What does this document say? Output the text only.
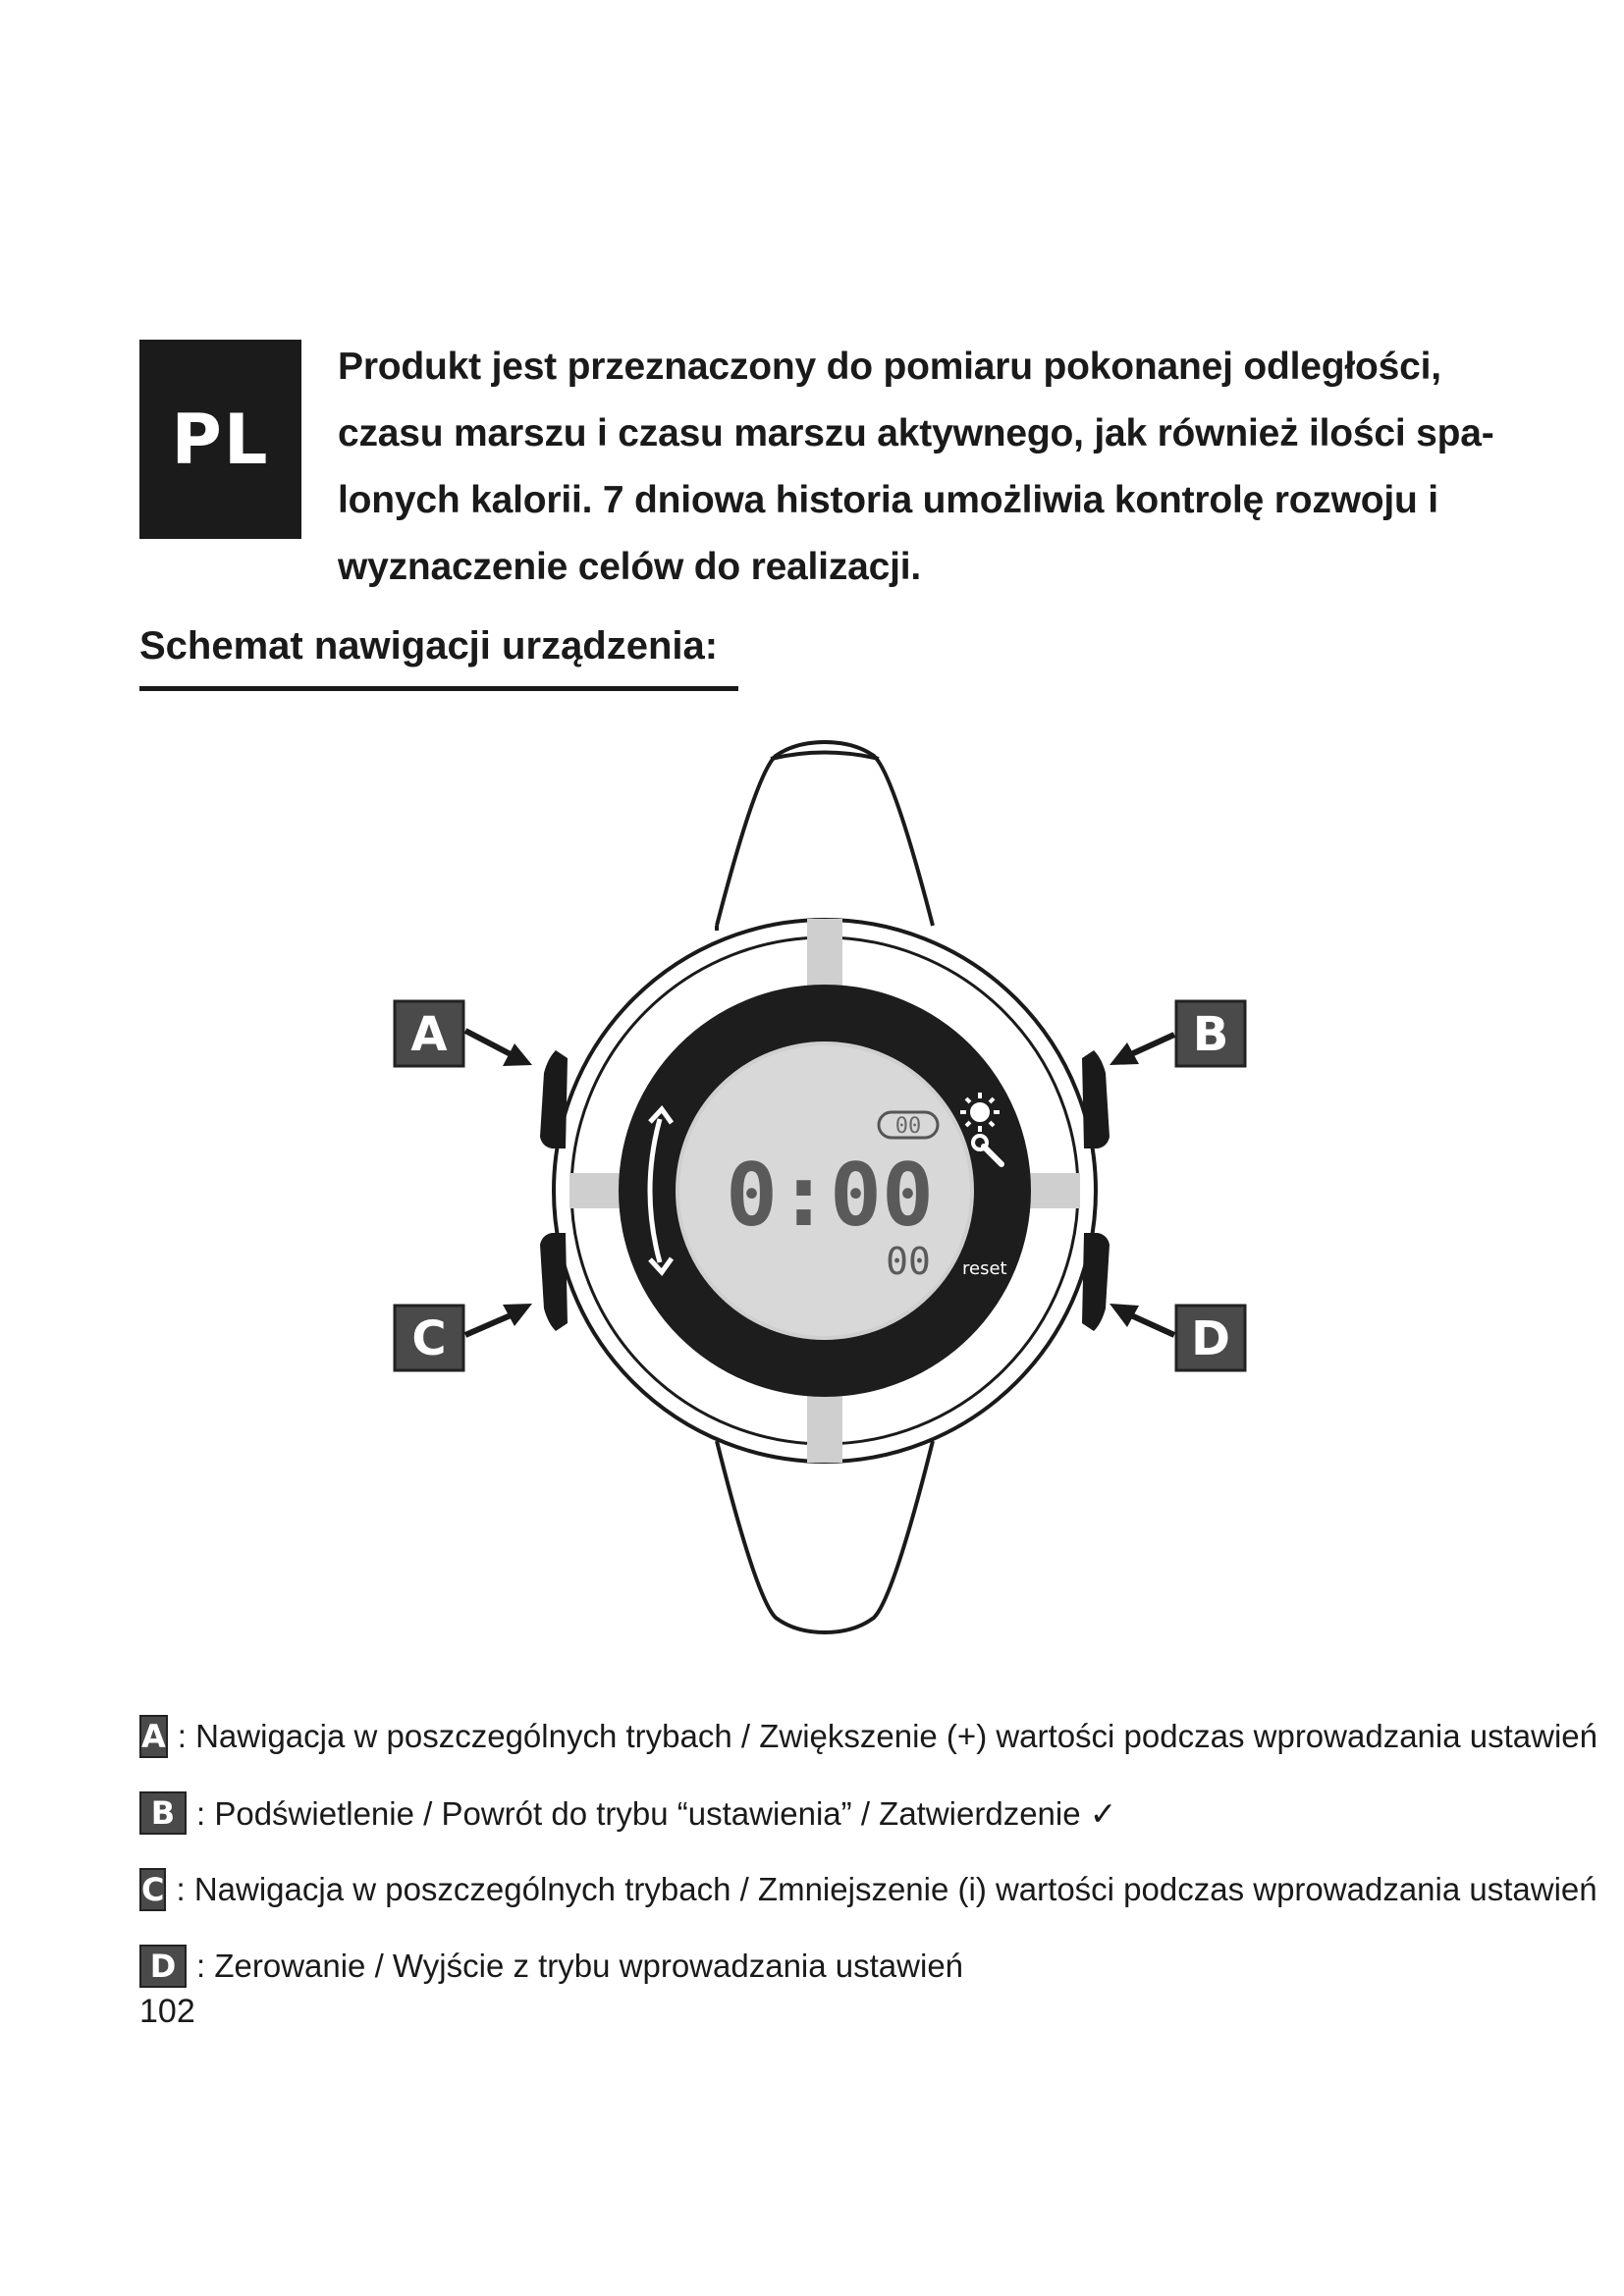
PL
Produkt jest przeznaczony do pomiaru pokonanej odległości,
czasu marszu i czasu marszu aktywnego, jak również ilości spa-
lonych kalorii. 7 dniowa historia umożliwia kontrolę rozwoju i
wyznaczenie celów do realizacji.
Schemat nawigacji urządzenia:
00
0:00
00 reset
A	B
C	D
A : Nawigacja w poszczególnych trybach / Zwiększenie (+) wartości podczas wprowadzania ustawień
B : Podświetlenie / Powrót do trybu “ustawienia” / Zatwierdzenie ✓
C : Nawigacja w poszczególnych trybach / Zmniejszenie (i) wartości podczas wprowadzania ustawień
D : Zerowanie / Wyjście z trybu wprowadzania ustawień
102
